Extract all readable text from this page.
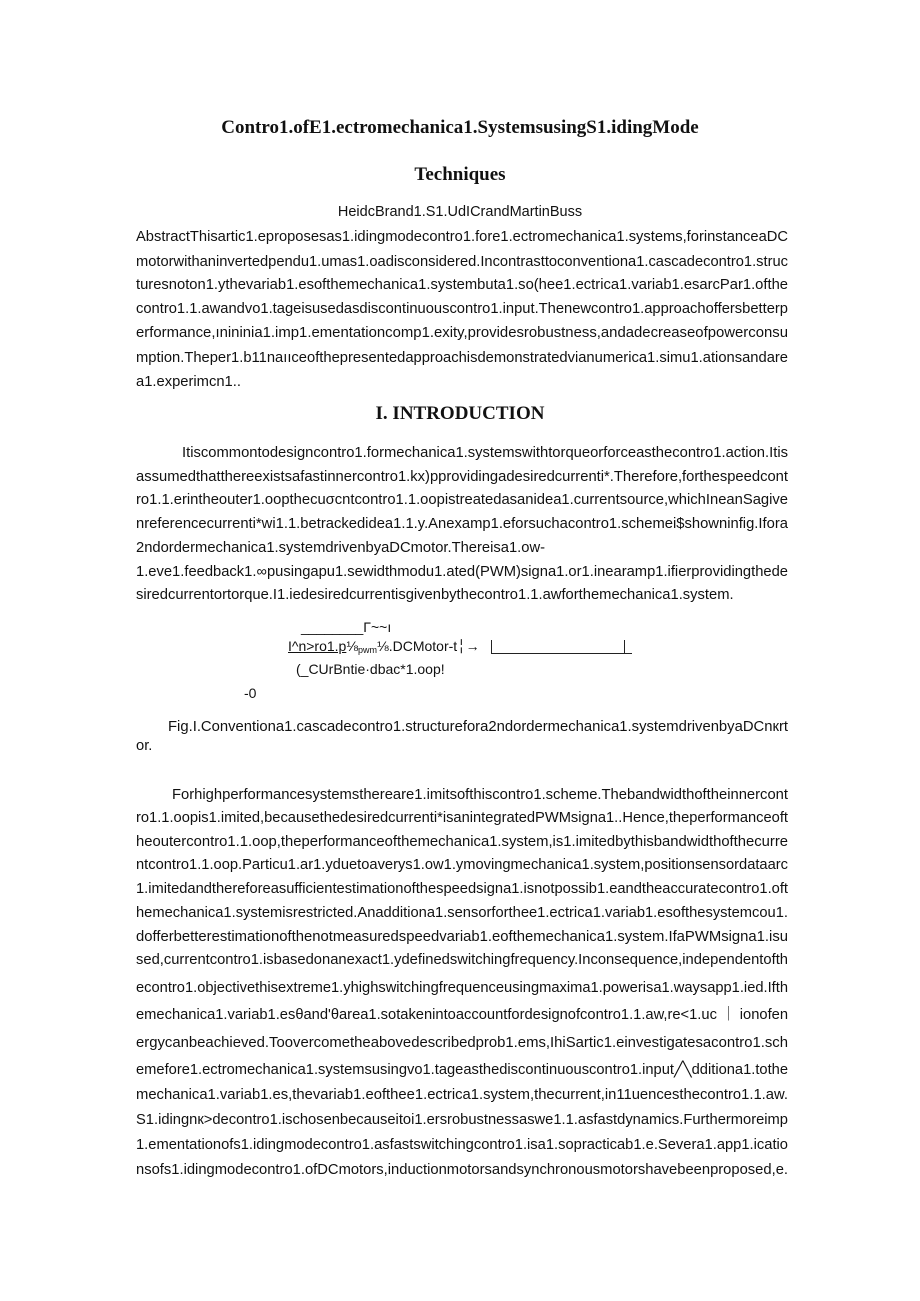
Contro1.ofE1.ectromechanica1.SystemsusingS1.idingMode
Techniques
HeidcBrand1.S1.UdICrandMartinBuss
I. INTRODUCTION
AbstractThisartic1.eproposesas1.idingmodecontro1.fore1.ectromechanica1.systems,forinstanceaDC
motorwithaninvertedpendu1.umas1.oadisconsidered.Incontrasttoconventiona1.cascadecontro1.struc
turesnoton1.ythevariab1.esofthemechanica1.systembuta1.so(hee1.ectrica1.variab1.esarcPar1.ofthe
contro1.1.awandvo1.tageisusedasdiscontinuouscontro1.input.Thenewcontro1.approachoffersbetterp
erformance,ınininia1.imp1.ementationcomp1.exity,providesrobustness,andadecreaseofpowerconsu
mption.Theper1.b11naııceofthepresentedapproachisdemonstratedvianumerica1.simu1.ationsandare
a1.experimcn1..
Itiscommontodesigncontro1.formechanica1.systemswithtorqueorforceasthecontro1.action.Itis
assumedthatthereexistsafastinnercontro1.kx)pprovidingadesiredcurrenti*.Therefore,forthespeedcont
ro1.1.erintheouter1.oopthecuσcntcontro1.1.oopistreatedasanidea1.currentsource,whichIneanSagive
nreferencecurrenti*wi1.1.betrackedidea1.1.y.Anexamp1.eforsuchacontro1.schemei$showninfig.Ifora
2ndordermechanica1.systemdrivenbyaDCmotor.Thereisa1.ow-
1.eve1.feedback1.∞pusingapu1.sewidthmodu1.ated(PWM)signa1.or1.inearamp1.ifierprovidingthede
siredcurrentortorque.I1.iedesiredcurrentisgivenbythecontro1.1.awforthemechanica1.system.
________Γ~~ı
$I\^{}n>ro1.p\frac{1}{8}_{pwm}\frac{1}{8}.DCMotor-t╎\to$
(_CUrBntie·dbac*1.oop!
-0
Fig.I.Conventiona1.cascadecontro1.structurefora2ndordermechanica1.systemdrivenbyaDCnкrt
or.
Forhighperformancesystemsthereare1.imitsofthiscontro1.scheme.Thebandwidthoftheinnercont
ro1.1.oopis1.imited,becausethedesiredcurrenti*isanintegratedPWMsigna1..Hence,theperformanceoft
heoutercontro1.1.oop,theperformanceofthemechanica1.system,is1.imitedbythisbandwidthofthecurre
ntcontro1.1.oop.Particu1.ar1.yduetoaverys1.ow1.ymovingmechanica1.system,positionsensordataarc
1.imitedandthereforeasufficientestimationofthespeedsigna1.isnotpossib1.eandtheaccuratecontro1.oft
hemechanica1.systemisrestricted.Anadditiona1.sensorforthee1.ectrica1.variab1.esofthesystemcou1.
dofferbetterestimationofthenotmeasuredspeedvariab1.eofthemechanica1.system.IfaPWMsigna1.isu
sed,currentcontro1.isbasedonanexact1.ydefinedswitchingfrequency.Inconsequence,independentofth
econtro1.objectivethisextreme1.yhighswitchingfrequenceusingmaxima1.powerisa1.waysapp1.ied.Ifth
emechanica1.variab1.esθand'θarea1.sotakenintoaccountfordesignofcontro1.1.aw,re<1.uc ｜ ionofen
ergycanbeachieved.Toovercometheabovedescribedprob1.ems,IhiSartic1.einvestigatesacontro1.sch
emefore1.ectromechanica1.systemsusingvo1.tageasthediscontinuouscontro1.input╱╲dditiona1.tothe
mechanica1.variab1.es,thevariab1.eofthee1.ectrica1.system,thecurrent,in11uencesthecontro1.1.aw.
S1.idingnк>decontro1.ischosenbecauseitoi1.ersrobustnessaswe1.1.asfastdynamics.Furthermoreimp
1.ementationofs1.idingmodecontro1.asfastswitchingcontro1.isa1.sopracticab1.e.Severa1.app1.icatio
nsofs1.idingmodecontro1.ofDCmotors,inductionmotorsandsynchronousmotorshavebeenproposed,e.
